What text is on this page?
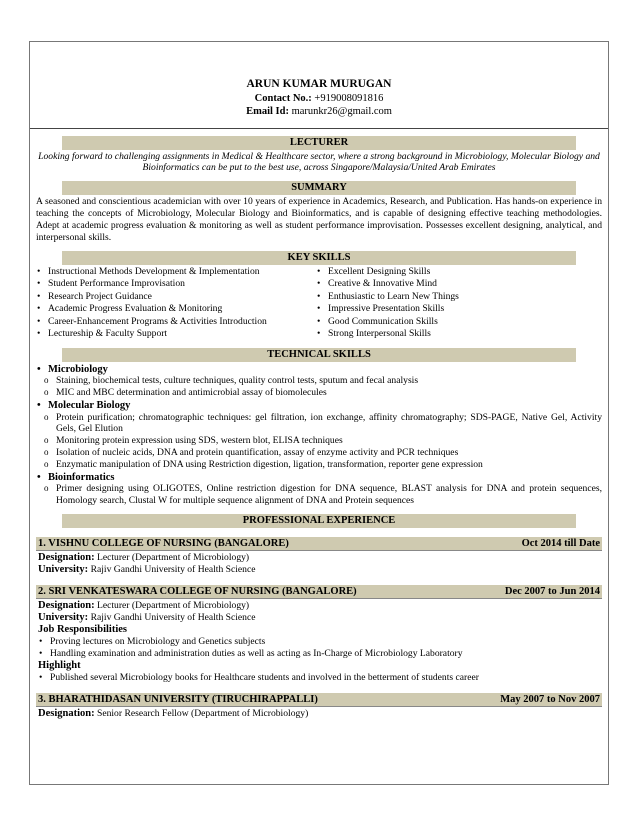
ARUN KUMAR MURUGAN
Contact No.: +919008091816
Email Id: marunkr26@gmail.com
LECTURER
Looking forward to challenging assignments in Medical & Healthcare sector, where a strong background in Microbiology, Molecular Biology and Bioinformatics can be put to the best use, across Singapore/Malaysia/United Arab Emirates
SUMMARY
A seasoned and conscientious academician with over 10 years of experience in Academics, Research, and Publication. Has hands-on experience in teaching the concepts of Microbiology, Molecular Biology and Bioinformatics, and is capable of designing effective teaching methodologies. Adept at academic progress evaluation & monitoring as well as student performance improvisation. Possesses excellent designing, analytical, and interpersonal skills.
KEY SKILLS
• Instructional Methods Development & Implementation
• Student Performance Improvisation
• Research Project Guidance
• Academic Progress Evaluation & Monitoring
• Career-Enhancement Programs & Activities Introduction
• Lectureship & Faculty Support
• Excellent Designing Skills
• Creative & Innovative Mind
• Enthusiastic to Learn New Things
• Impressive Presentation Skills
• Good Communication Skills
• Strong Interpersonal Skills
TECHNICAL SKILLS
• Microbiology
o Staining, biochemical tests, culture techniques, quality control tests, sputum and fecal analysis
o MIC and MBC determination and antimicrobial assay of biomolecules
• Molecular Biology
o Protein purification; chromatographic techniques: gel filtration, ion exchange, affinity chromatography; SDS-PAGE, Native Gel, Activity Gels, Gel Elution
o Monitoring protein expression using SDS, western blot, ELISA techniques
o Isolation of nucleic acids, DNA and protein quantification, assay of enzyme activity and PCR techniques
o Enzymatic manipulation of DNA using Restriction digestion, ligation, transformation, reporter gene expression
• Bioinformatics
o Primer designing using OLIGOTES, Online restriction digestion for DNA sequence, BLAST analysis for DNA and protein sequences, Homology search, Clustal W for multiple sequence alignment of DNA and Protein sequences
PROFESSIONAL EXPERIENCE
1. VISHNU COLLEGE OF NURSING (BANGALORE)	Oct 2014 till Date
Designation: Lecturer (Department of Microbiology)
University: Rajiv Gandhi University of Health Science
2. SRI VENKATESWARA COLLEGE OF NURSING (BANGALORE)	Dec 2007 to Jun 2014
Designation: Lecturer (Department of Microbiology)
University: Rajiv Gandhi University of Health Science
Job Responsibilities
• Proving lectures on Microbiology and Genetics subjects
• Handling examination and administration duties as well as acting as In-Charge of Microbiology Laboratory
Highlight
• Published several Microbiology books for Healthcare students and involved in the betterment of students career
3. BHARATHIDASAN UNIVERSITY (TIRUCHIRAPPALLI)	May 2007 to Nov 2007
Designation: Senior Research Fellow (Department of Microbiology)
